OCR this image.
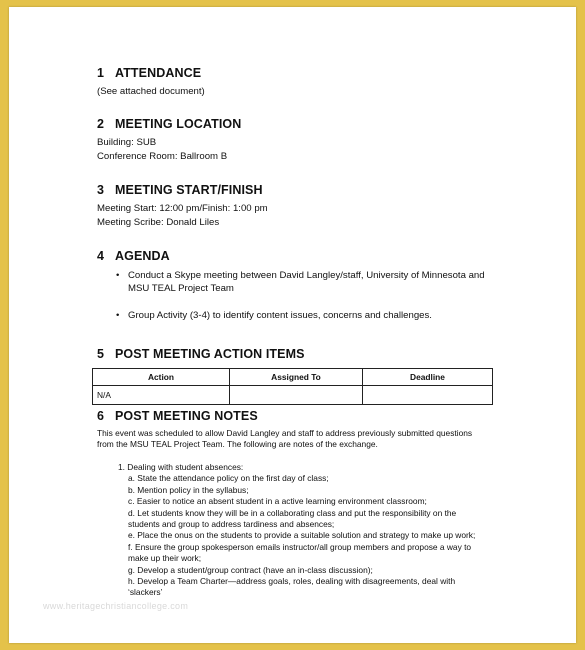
1 ATTENDANCE
(See attached document)
2 MEETING LOCATION
Building: SUB
Conference Room: Ballroom B
3 MEETING START/FINISH
Meeting Start: 12:00 pm/Finish: 1:00 pm
Meeting Scribe: Donald Liles
4 AGENDA
• Conduct a Skype meeting between David Langley/staff, University of Minnesota and MSU TEAL Project Team
• Group Activity (3-4) to identify content issues, concerns and challenges.
5 POST MEETING ACTION ITEMS
Action	Assigned To	Deadline
N/A		
6 POST MEETING NOTES
This event was scheduled to allow David Langley and staff to address previously submitted questions from the MSU TEAL Project Team. The following are notes of the exchange.
1. Dealing with student absences:
a. State the attendance policy on the first day of class;
b. Mention policy in the syllabus;
c. Easier to notice an absent student in a active learning environment classroom;
d. Let students know they will be in a collaborating class and put the responsibility on the students and group to address tardiness and absences;
e. Place the onus on the students to provide a suitable solution and strategy to make up work;
f. Ensure the group spokesperson emails instructor/all group members and propose a way to make up their work;
g. Develop a student/group contract (have an in-class discussion);
h. Develop a Team Charter—address goals, roles, dealing with disagreements, deal with ‘slackers’
www.heritagechristiancollege.com
